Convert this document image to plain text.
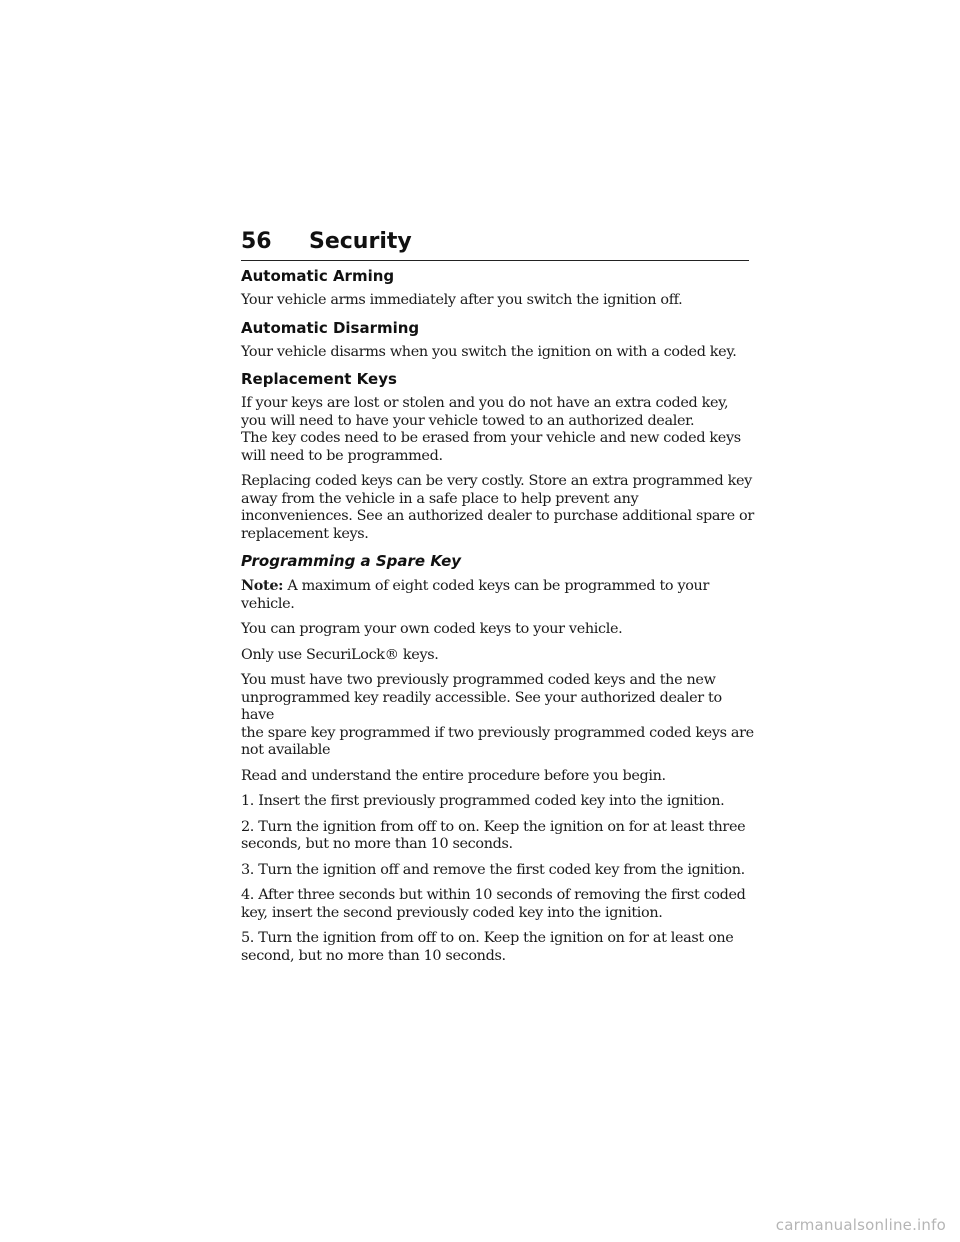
56 Security
Automatic Arming

Your vehicle arms immediately after you switch the ignition off.

Automatic Disarming

Your vehicle disarms when you switch the ignition on with a coded key.

Replacement Keys

If your keys are lost or stolen and you do not have an extra coded key,
you will need to have your vehicle towed to an authorized dealer.

The key codes need to be erased from your vehicle and new coded keys
will need to be programmed.

Replacing coded keys can be very costly. Store an extra programmed key
away from the vehicle in a safe place to help prevent any
inconveniences. See an authorized dealer to purchase additional spare or
replacement keys.

Programming a Spare Key

Note: A maximum of eight coded keys can be programmed to your
vehicle.

You can program your own coded keys to your vehicle.

Only use SecuriLock® keys.

You must have two previously programmed coded keys and the new
unprogrammed key readily accessible. See your authorized dealer to have
the spare key programmed if two previously programmed coded keys are
not available

Read and understand the entire procedure before you begin.

1. Insert the first previously programmed coded key into the ignition.

2. Turn the ignition from off to on. Keep the ignition on for at least three
seconds, but no more than 10 seconds.

3. Turn the ignition off and remove the first coded key from the ignition.

4. After three seconds but within 10 seconds of removing the first coded
key, insert the second previously coded key into the ignition.

5. Turn the ignition from off to on. Keep the ignition on for at least one
second, but no more than 10 seconds.

carmanualsonline.info
